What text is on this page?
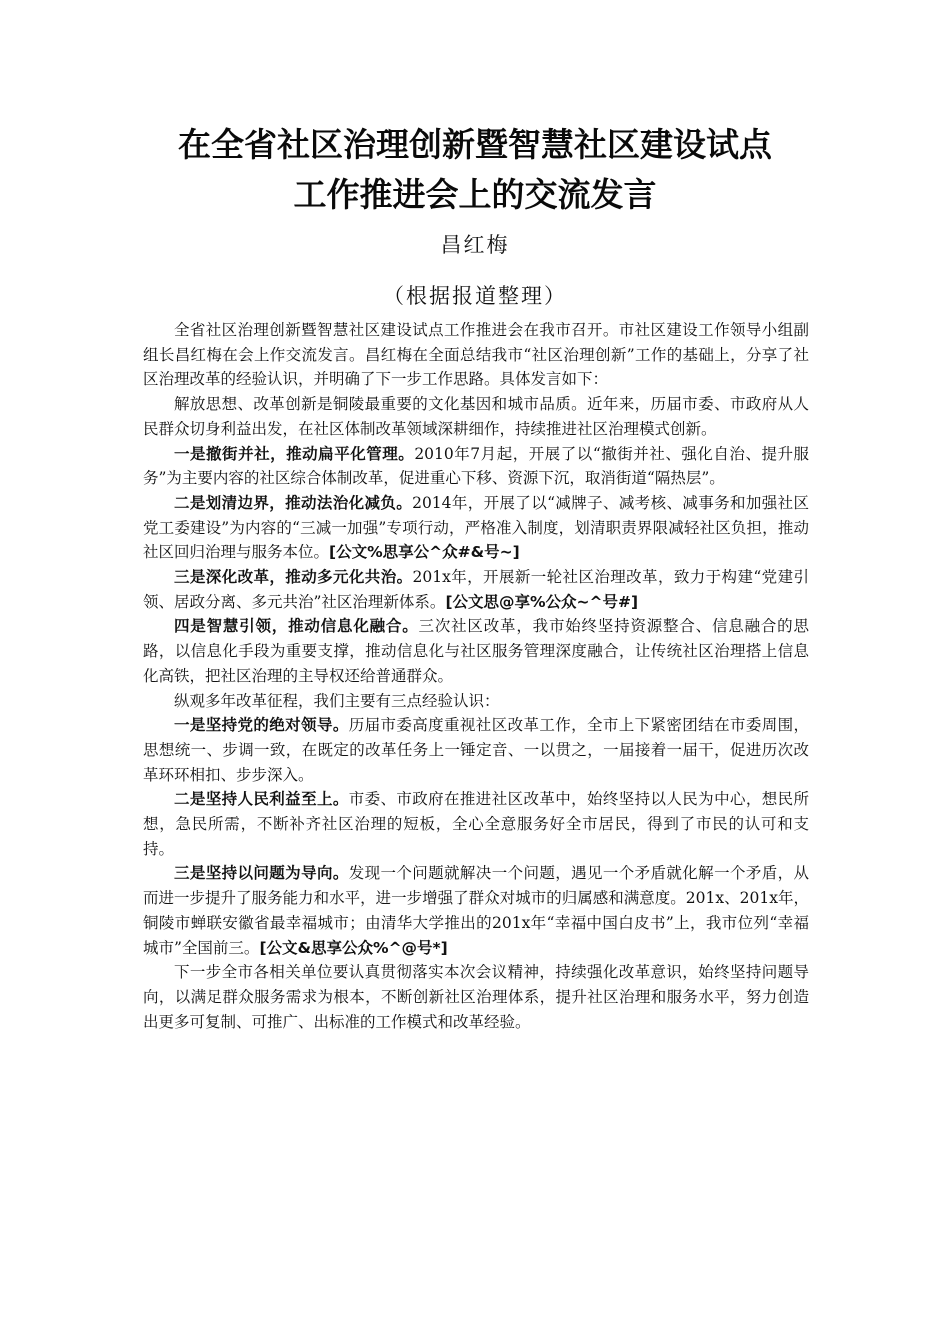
在全省社区治理创新暨智慧社区建设试点
工作推进会上的交流发言
昌红梅
（根据报道整理）

全省社区治理创新暨智慧社区建设试点工作推进会在我市召开。市社区建设工作领导小组副组长昌红梅在会上作交流发言。昌红梅在全面总结我市“社区治理创新”工作的基础上，分享了社区治理改革的经验认识，并明确了下一步工作思路。具体发言如下：

解放思想、改革创新是铜陵最重要的文化基因和城市品质。近年来，历届市委、市政府从人民群众切身利益出发，在社区体制改革领域深耕细作，持续推进社区治理模式创新。

一是撤街并社，推动扁平化管理。2010年7月起，开展了以“撤街并社、强化自治、提升服务”为主要内容的社区综合体制改革，促进重心下移、资源下沉，取消街道“隔热层”。

二是划清边界，推动法治化减负。2014年，开展了以“减牌子、减考核、减事务和加强社区党工委建设”为内容的“三减一加强”专项行动，严格准入制度，划清职责界限减轻社区负担，推动社区回归治理与服务本位。[公文%思享公^众#&号~]

三是深化改革，推动多元化共治。201x年，开展新一轮社区治理改革，致力于构建“党建引领、居政分离、多元共治”社区治理新体系。[公文思@享%公众~^号#]

四是智慧引领，推动信息化融合。三次社区改革，我市始终坚持资源整合、信息融合的思路，以信息化手段为重要支撑，推动信息化与社区服务管理深度融合，让传统社区治理搭上信息化高铁，把社区治理的主导权还给普通群众。

纵观多年改革征程，我们主要有三点经验认识：

一是坚持党的绝对领导。历届市委高度重视社区改革工作，全市上下紧密团结在市委周围，思想统一、步调一致，在既定的改革任务上一锤定音、一以贯之，一届接着一届干，促进历次改革环环相扣、步步深入。

二是坚持人民利益至上。市委、市政府在推进社区改革中，始终坚持以人民为中心，想民所想，急民所需，不断补齐社区治理的短板，全心全意服务好全市居民，得到了市民的认可和支持。

三是坚持以问题为导向。发现一个问题就解决一个问题，遇见一个矛盾就化解一个矛盾，从而进一步提升了服务能力和水平，进一步增强了群众对城市的归属感和满意度。201x、201x年，铜陵市蝉联安徽省最幸福城市；由清华大学推出的201x年“幸福中国白皮书”上，我市位列“幸福城市”全国前三。[公文&思享公众%^@号*]

下一步全市各相关单位要认真贯彻落实本次会议精神，持续强化改革意识，始终坚持问题导向，以满足群众服务需求为根本，不断创新社区治理体系，提升社区治理和服务水平，努力创造出更多可复制、可推广、出标准的工作模式和改革经验。
